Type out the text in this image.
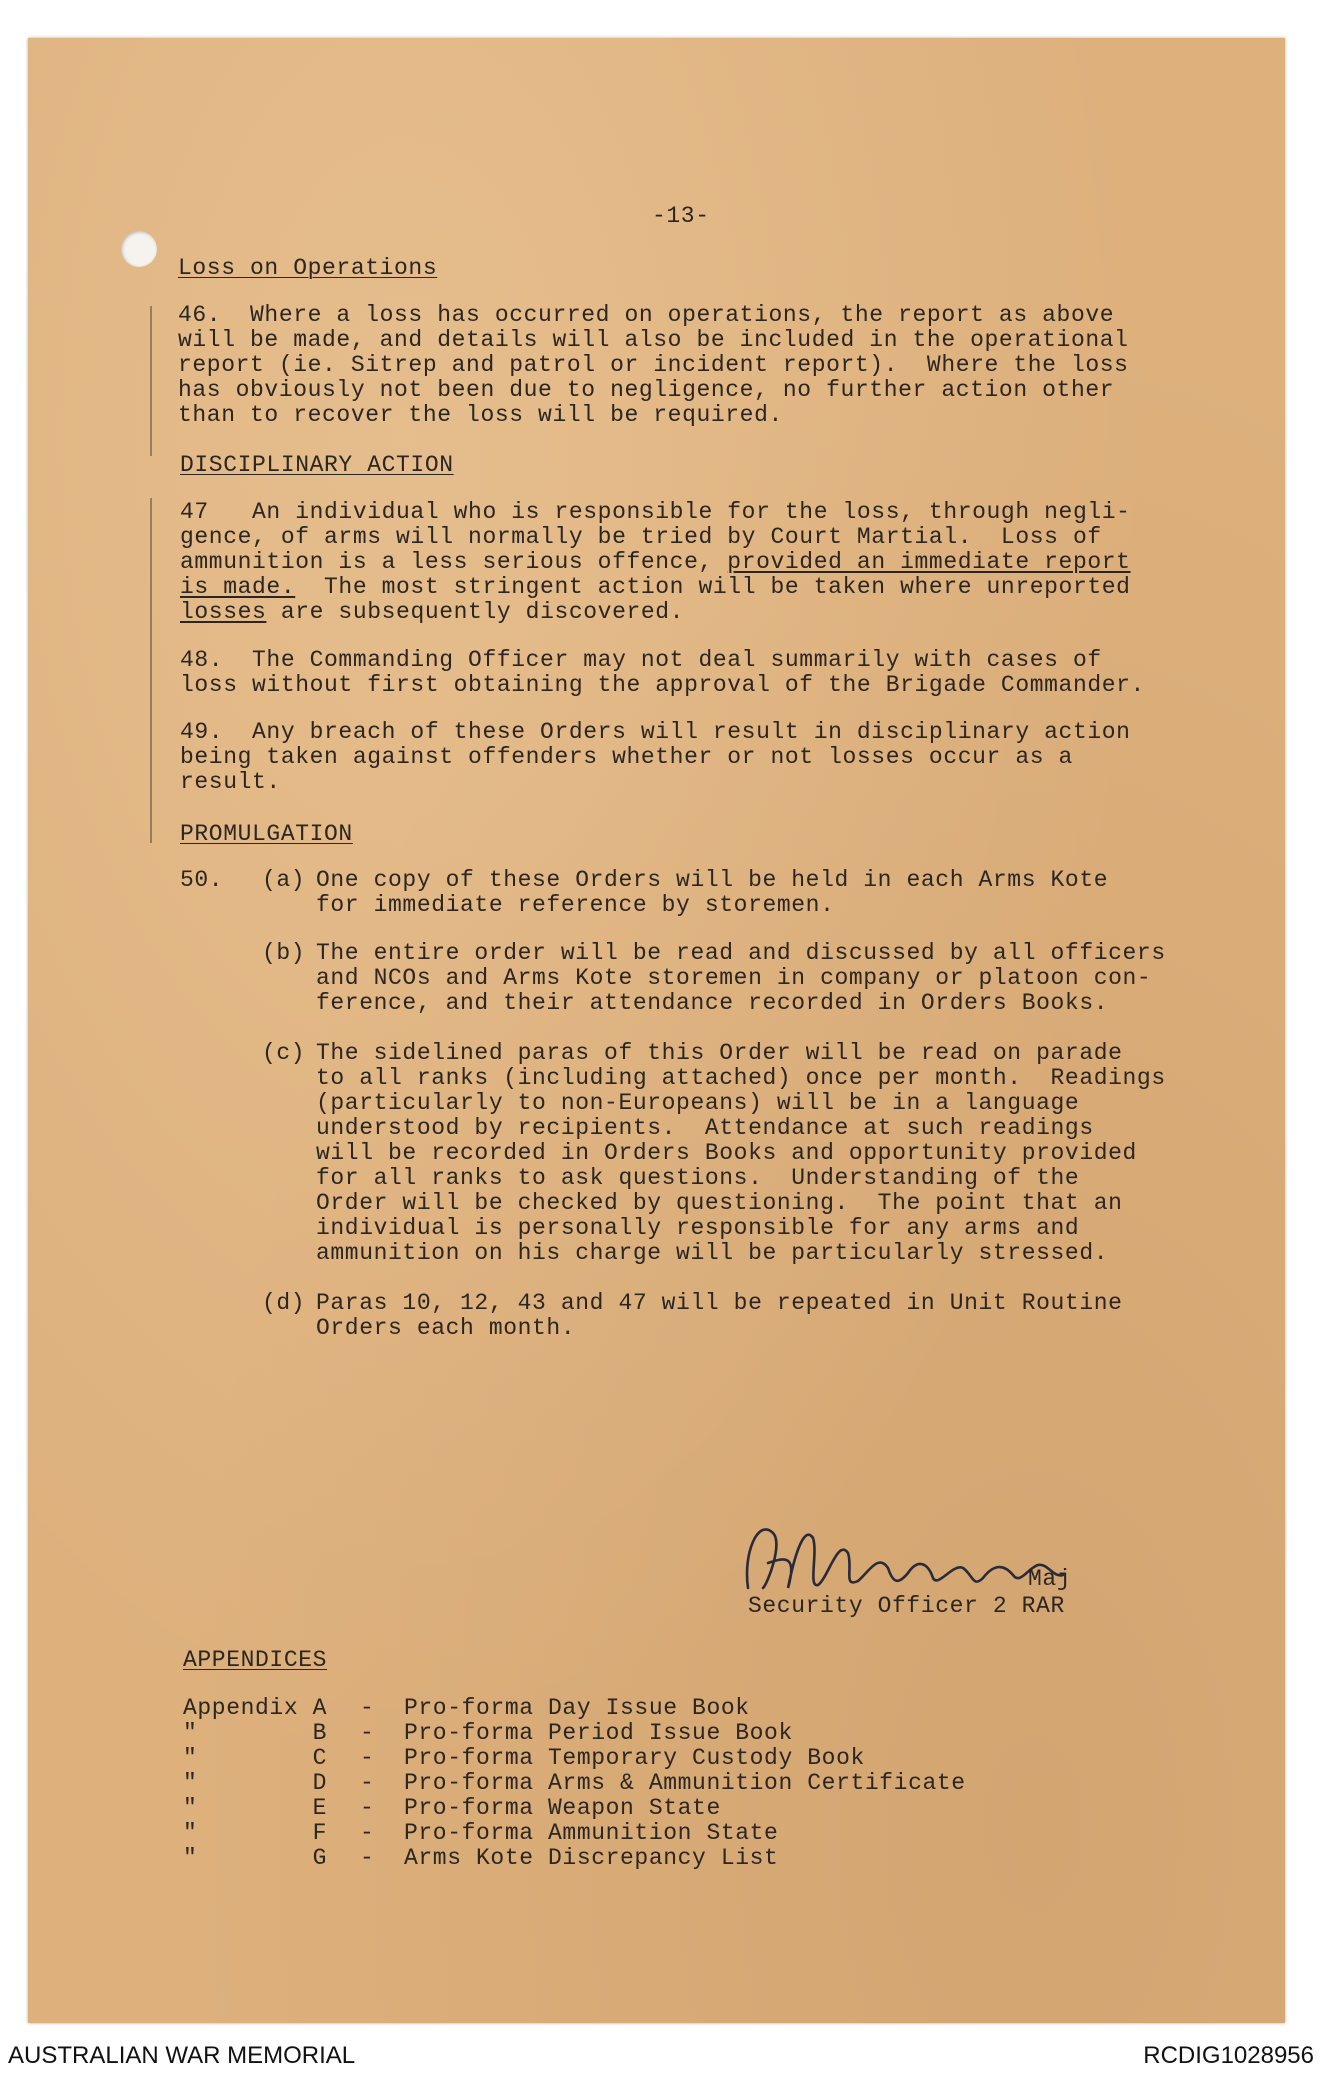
-13-
Loss on Operations
46.  Where a loss has occurred on operations, the report as above
will be made, and details will also be included in the operational
report (ie. Sitrep and patrol or incident report).  Where the loss
has obviously not been due to negligence, no further action other
than to recover the loss will be required.
DISCIPLINARY ACTION
47   An individual who is responsible for the loss, through negli-
gence, of arms will normally be tried by Court Martial.  Loss of
ammunition is a less serious offence, provided an immediate report
is made.  The most stringent action will be taken where unreported
losses are subsequently discovered.
48.  The Commanding Officer may not deal summarily with cases of
loss without first obtaining the approval of the Brigade Commander.
49.  Any breach of these Orders will result in disciplinary action
being taken against offenders whether or not losses occur as a
result.
PROMULGATION
50. (a) One copy of these Orders will be held in each Arms Kote
for immediate reference by storemen.
(b) The entire order will be read and discussed by all officers
and NCOs and Arms Kote storemen in company or platoon con-
ference, and their attendance recorded in Orders Books.
(c) The sidelined paras of this Order will be read on parade
to all ranks (including attached) once per month.  Readings
(particularly to non-Europeans) will be in a language
understood by recipients.  Attendance at such readings
will be recorded in Orders Books and opportunity provided
for all ranks to ask questions.  Understanding of the
Order will be checked by questioning.  The point that an
individual is personally responsible for any arms and
ammunition on his charge will be particularly stressed.
(d) Paras 10, 12, 43 and 47 will be repeated in Unit Routine
Orders each month.
Maj
Security Officer 2 RAR
APPENDICES
Appendix A - Pro-forma Day Issue Book
"        B - Pro-forma Period Issue Book
"        C - Pro-forma Temporary Custody Book
"        D - Pro-forma Arms & Ammunition Certificate
"        E - Pro-forma Weapon State
"        F - Pro-forma Ammunition State
"        G - Arms Kote Discrepancy List
AUSTRALIAN WAR MEMORIAL	RCDIG1028956
